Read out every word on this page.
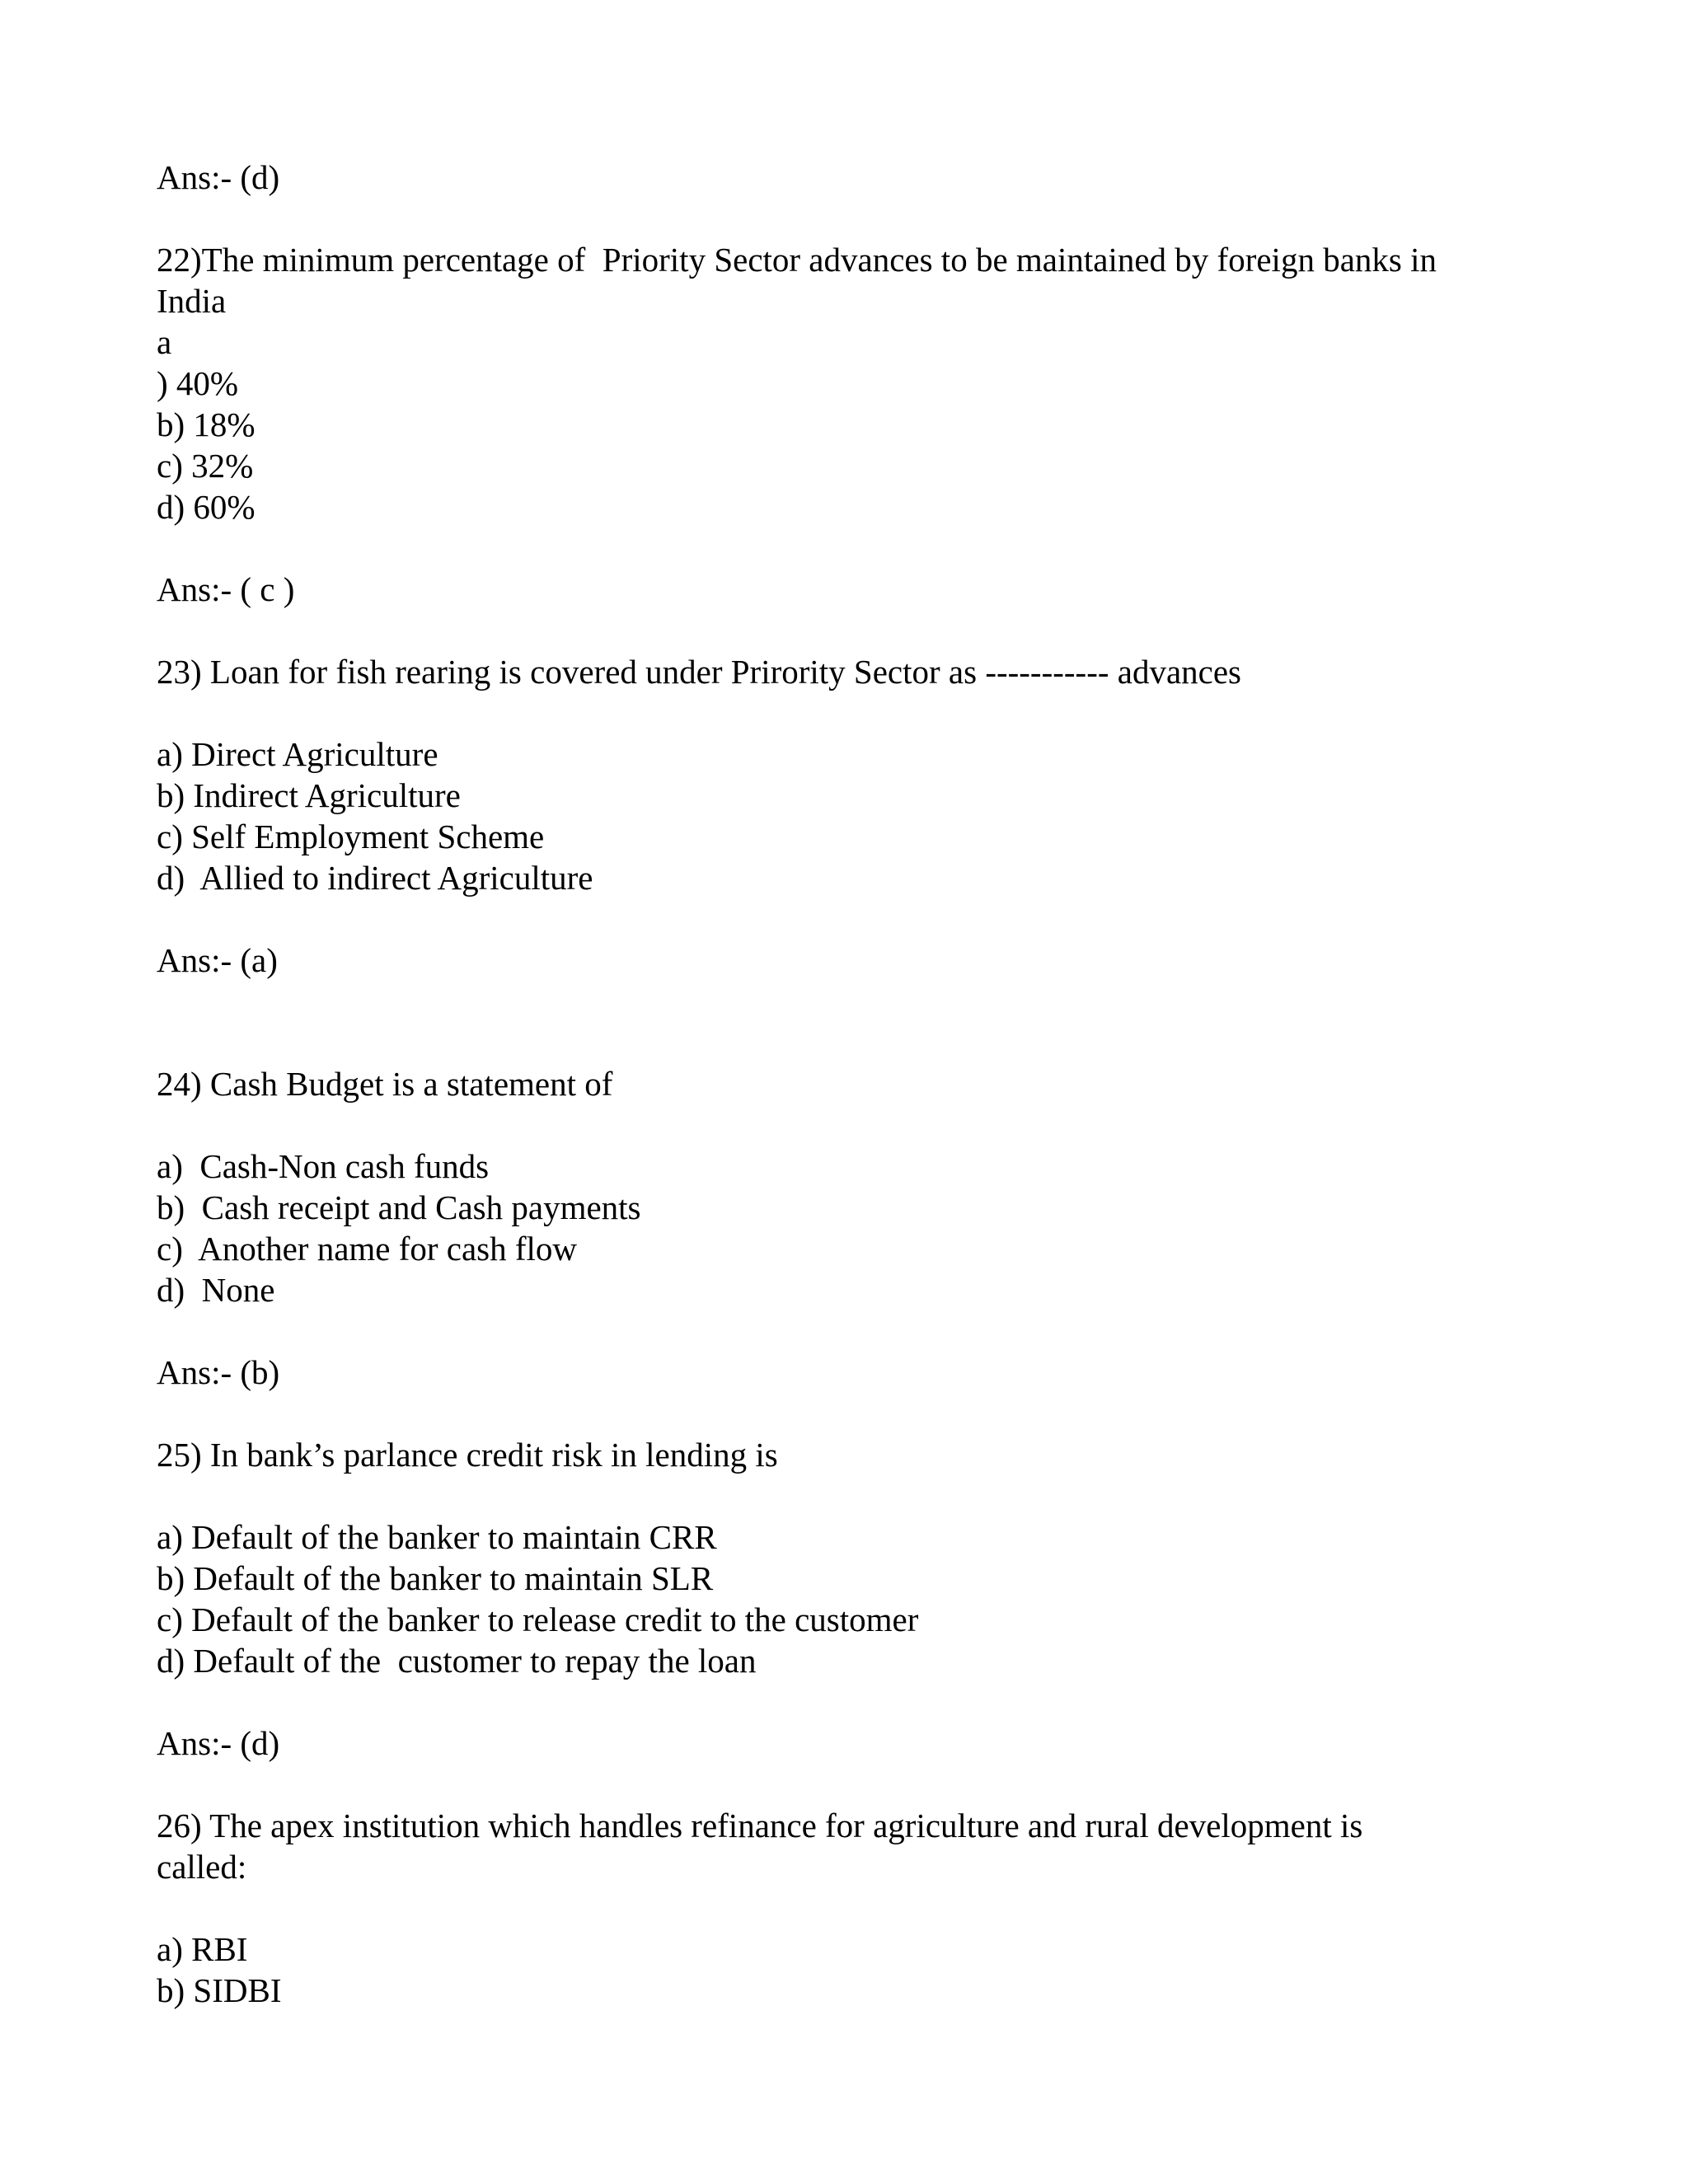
Ans:- (d)
22)The minimum percentage of  Priority Sector advances to be maintained by foreign banks in
India
a
) 40%
b) 18%
c) 32%
d) 60%
Ans:- ( c )
23) Loan for fish rearing is covered under Prirority Sector as ----------- advances
a) Direct Agriculture
b) Indirect Agriculture
c) Self Employment Scheme
d)  Allied to indirect Agriculture
Ans:- (a)
24) Cash Budget is a statement of
a)  Cash-Non cash funds
b)  Cash receipt and Cash payments
c)  Another name for cash flow
d)  None
Ans:- (b)
25) In bank’s parlance credit risk in lending is
a) Default of the banker to maintain CRR
b) Default of the banker to maintain SLR
c) Default of the banker to release credit to the customer
d) Default of the  customer to repay the loan
Ans:- (d)
26) The apex institution which handles refinance for agriculture and rural development is
called:
a) RBI
b) SIDBI
